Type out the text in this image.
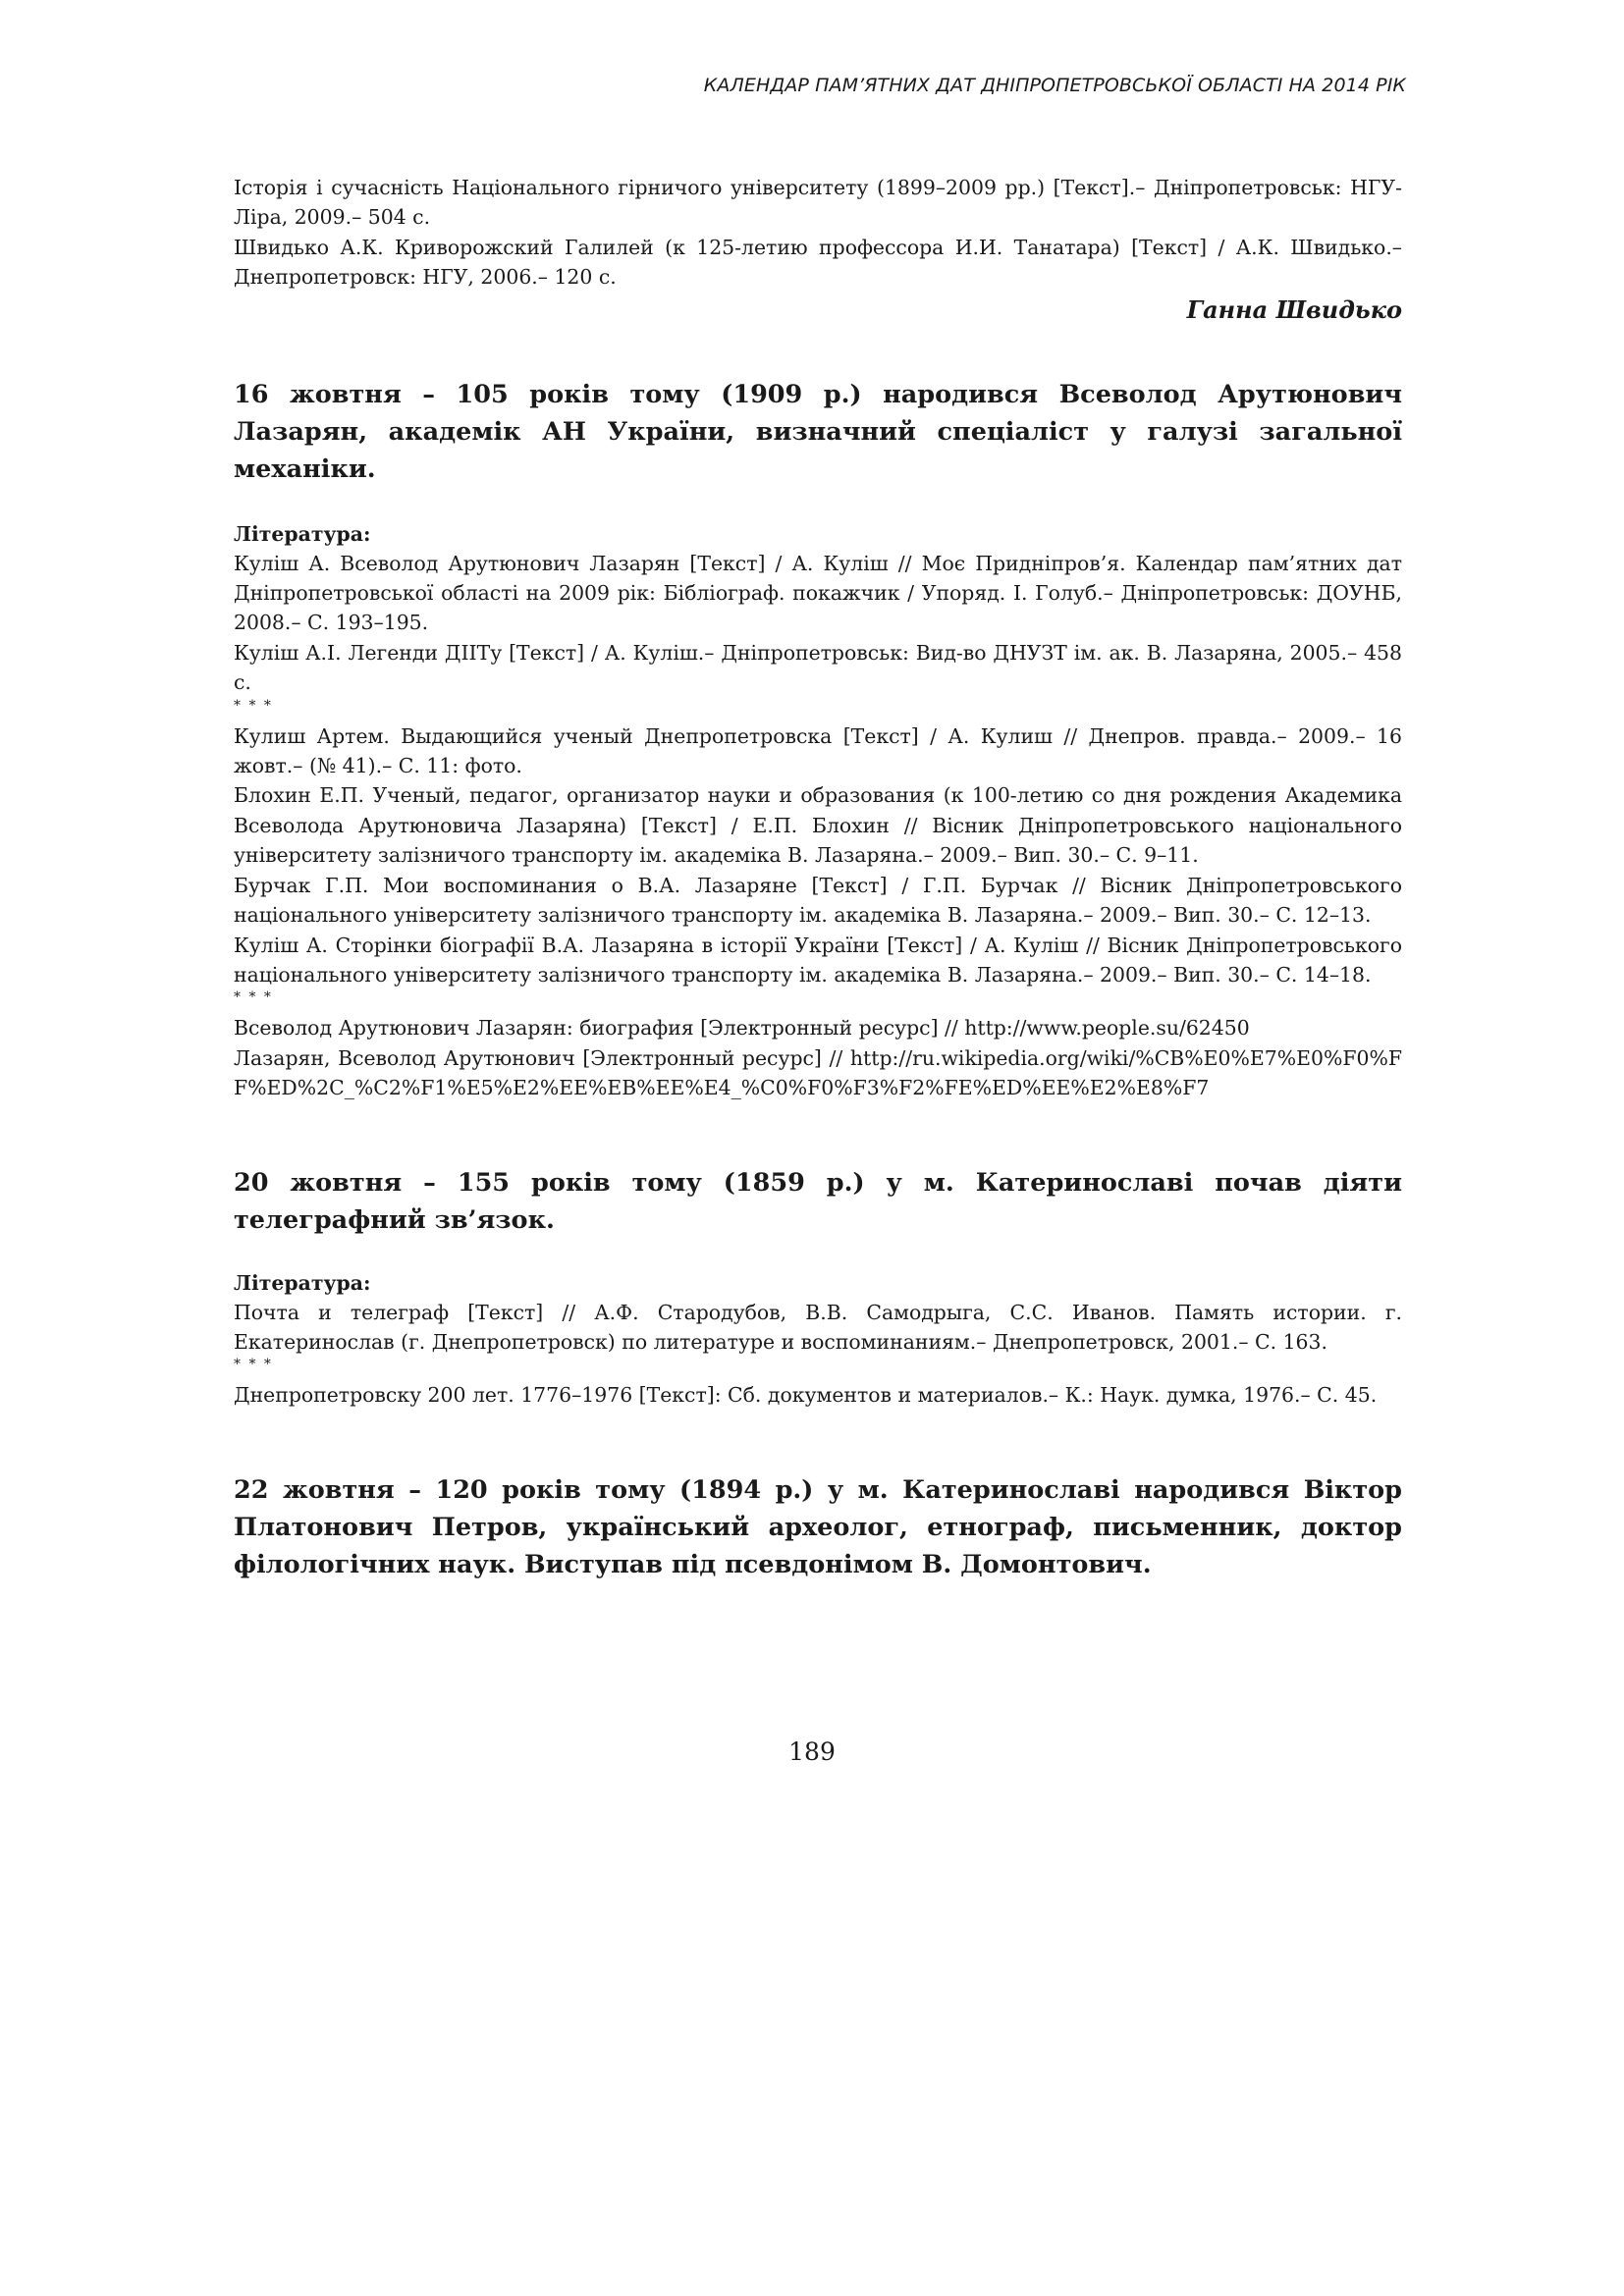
КАЛЕНДАР ПАМ’ЯТНИХ ДАТ ДНІПРОПЕТРОВСЬКОЇ ОБЛАСТІ НА 2014 РІК

Історія і сучасність Національного гірничого університету (1899–2009 рр.) [Текст].– Дніпропетровськ: НГУ-Ліра, 2009.– 504 с.

Швидько А.К. Криворожский Галилей (к 125-летию профессора И.И. Танатара) [Текст] / А.К. Швидько.– Днепропетровск: НГУ, 2006.– 120 с.

Ганна Швидько

16 жовтня – 105 років тому (1909 р.) народився Всеволод Арутюнович Лазарян, академік АН України, визначний спеціаліст у галузі загальної механіки.

Література:

Куліш А. Всеволод Арутюнович Лазарян [Текст] / А. Куліш // Моє Придніпров’я. Календар пам’ятних дат Дніпропетровської області на 2009 рік: Бібліограф. покажчик / Упоряд. І. Голуб.– Дніпропетровськ: ДОУНБ, 2008.– С. 193–195.

Куліш А.І. Легенди ДІІТу [Текст] / А. Куліш.– Дніпропетровськ: Вид-во ДНУЗТ ім. ак. В. Лазаряна, 2005.– 458 с.

* * *

Кулиш Артем. Выдающийся ученый Днепропетровска [Текст] / А. Кулиш // Днепров. правда.– 2009.– 16 жовт.– (№ 41).– С. 11: фото.

Блохин Е.П. Ученый, педагог, организатор науки и образования (к 100-летию со дня рождения Академика Всеволода Арутюновича Лазаряна) [Текст] / Е.П. Блохин // Вісник Дніпропетровського національного університету залізничого транспорту ім. академіка В. Лазаряна.– 2009.– Вип. 30.– С. 9–11.

Бурчак Г.П. Мои воспоминания о В.А. Лазаряне [Текст] / Г.П. Бурчак // Вісник Дніпропетровського національного університету залізничого транспорту ім. академіка В. Лазаряна.– 2009.– Вип. 30.– С. 12–13.

Куліш А. Сторінки біографії В.А. Лазаряна в історії України [Текст] / А. Куліш // Вісник Дніпропетровського національного університету залізничого транспорту ім. академіка В. Лазаряна.– 2009.– Вип. 30.– С. 14–18.

* * *

Всеволод Арутюнович Лазарян: биография [Электронный ресурс] // http://www.people.su/62450

Лазарян, Всеволод Арутюнович [Электронный ресурс] // http://ru.wikipedia.org/wiki/%CB%E0%E7%E0%F0%FF%ED%2C_%C2%F1%E5%E2%EE%EB%EE%E4_%C0%F0%F3%F2%FE%ED%EE%E2%E8%F7

20 жовтня – 155 років тому (1859 р.) у м. Катеринославі почав діяти телеграфний зв’язок.

Література:

Почта и телеграф [Текст] // А.Ф. Стародубов, В.В. Самодрыга, С.С. Иванов. Память истории. г. Екатеринослав (г. Днепропетровск) по литературе и воспоминаниям.– Днепропетровск, 2001.– С. 163.

* * *

Днепропетровску 200 лет. 1776–1976 [Текст]: Сб. документов и материалов.– К.: Наук. думка, 1976.– С. 45.

22 жовтня – 120 років тому (1894 р.) у м. Катеринославі народився Віктор Платонович Петров, український археолог, етнограф, письменник, доктор філологічних наук. Виступав під псевдонімом В. Домонтович.

189
